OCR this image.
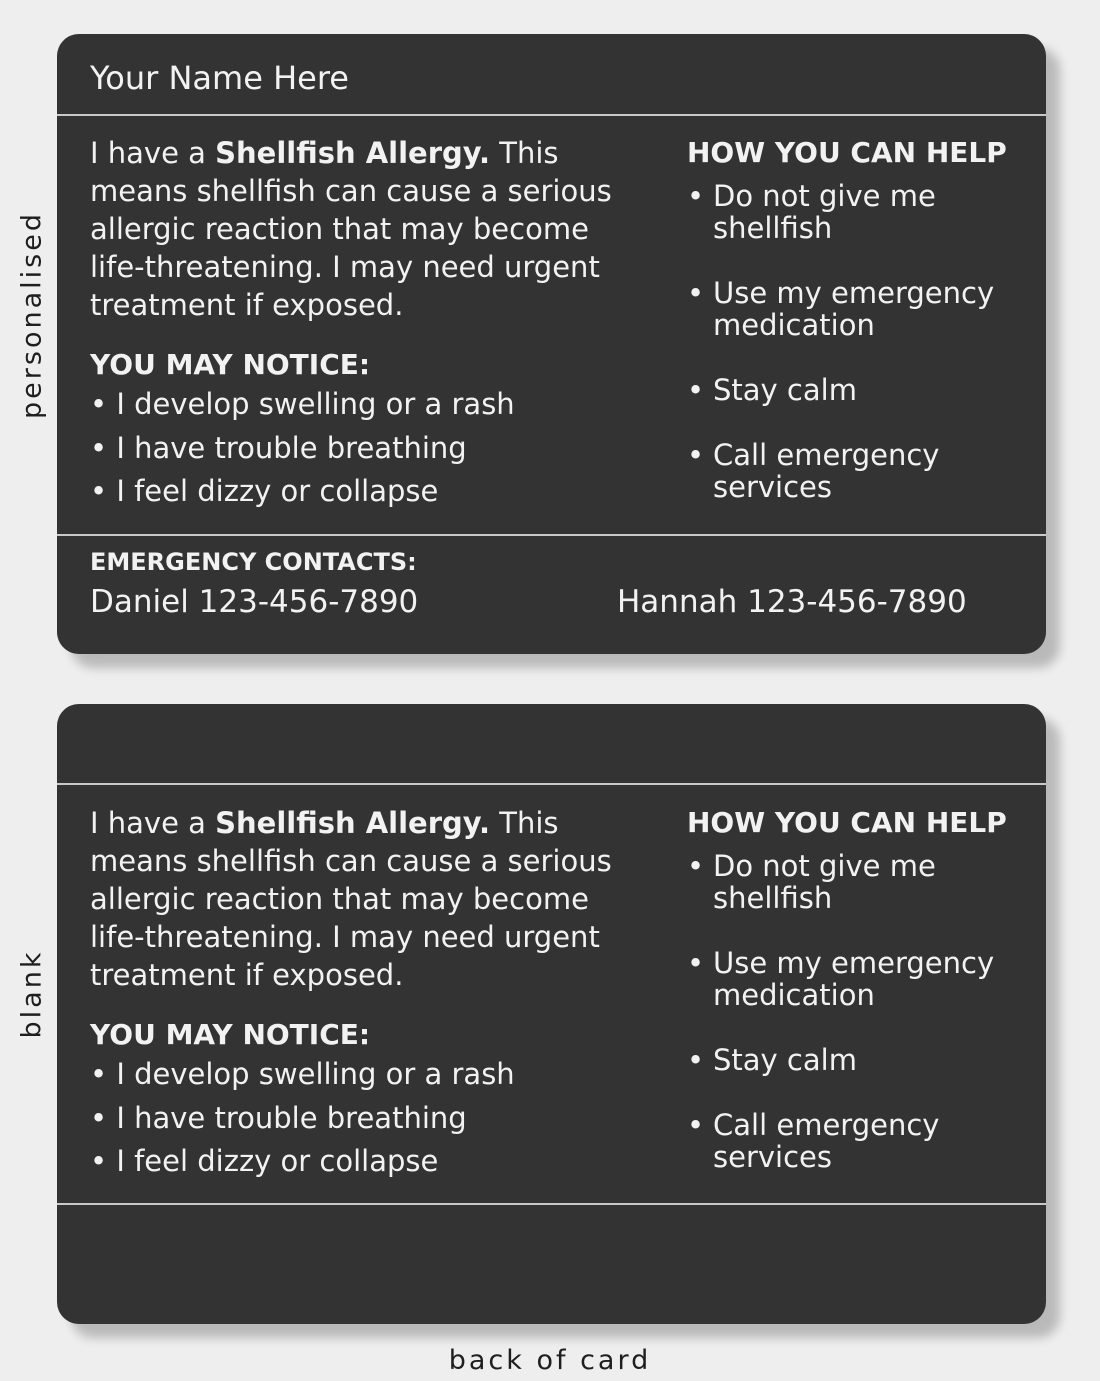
personalised
blank
Your Name Here
I have a Shellfish Allergy. This means shellfish can cause a serious allergic reaction that may become life-threatening. I may need urgent treatment if exposed.
YOU MAY NOTICE:
• I develop swelling or a rash
• I have trouble breathing
• I feel dizzy or collapse
HOW YOU CAN HELP
• Do not give me shellfish
• Use my emergency medication
• Stay calm
• Call emergency services
EMERGENCY CONTACTS:
Daniel 123-456-7890	Hannah 123-456-7890
I have a Shellfish Allergy. This means shellfish can cause a serious allergic reaction that may become life-threatening. I may need urgent treatment if exposed.
YOU MAY NOTICE:
• I develop swelling or a rash
• I have trouble breathing
• I feel dizzy or collapse
HOW YOU CAN HELP
• Do not give me shellfish
• Use my emergency medication
• Stay calm
• Call emergency services
back of card
